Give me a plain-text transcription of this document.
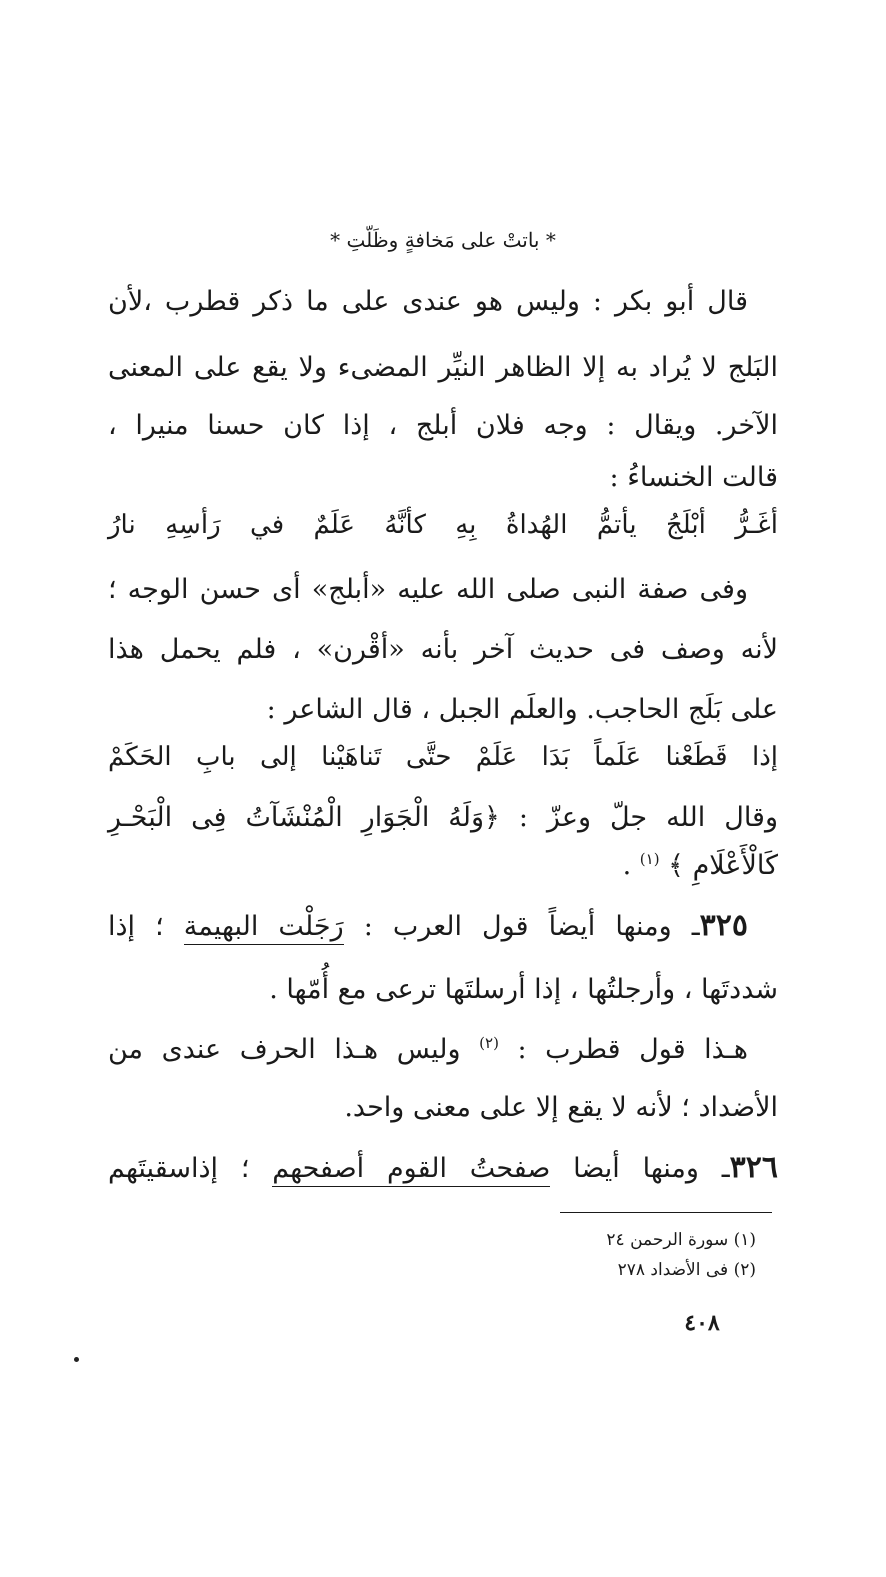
* باتتْ على مَخافةٍ وظَلّتِ *
قال أبو بكر : وليس هو عندى على ما ذكر قطرب ،لأن
البَلج لا يُراد به إلا الظاهر النيِّر المضىء ولا يقع على المعنى
الآخر. ويقال : وجه فلان أبلج ، إذا كان حسنا منيرا ،
قالت الخنساءُ :
أغَـرُّ أبْلَجُ يأتمُّ الهُداةُ بِهِ كأنَّهُ عَلَمٌ في رَأسِهِ نارُ
وفى صفة النبى صلى الله عليه «أبلج» أى حسن الوجه ؛
لأنه وصف فى حديث آخر بأنه «أقْرن» ، فلم يحمل هذا
على بَلَج الحاجب. والعلَم الجبل ، قال الشاعر :
إذا قَطَعْنا عَلَماً بَدَا عَلَمْ حتَّى تَناهَيْنا إلى بابِ الحَكَمْ
وقال الله جلّ وعزّ : ﴿وَلَهُ الْجَوَارِ الْمُنْشَآتُ فِى الْبَحْـرِ
كَالْأَعْلَامِ ﴾ $^{(١)}$ .
٣٢٥ـ ومنها أيضاً قول العرب : رَجَلْت البهيمة ؛ إذا
شددتَها ، وأرجلتُها ، إذا أرسلتَها ترعى مع أُمّها .
هـذا قول قطرب : $^{(٢)}$ وليس هـذا الحرف عندى من
الأضداد ؛ لأنه لا يقع إلا على معنى واحد.
٣٢٦ـ ومنها أيضا صفحتُ القوم أصفحهم ؛ إذاسقيتَهم
(١) سورة الرحمن ٢٤
(٢) فى الأضداد ٢٧٨
٤٠٨
